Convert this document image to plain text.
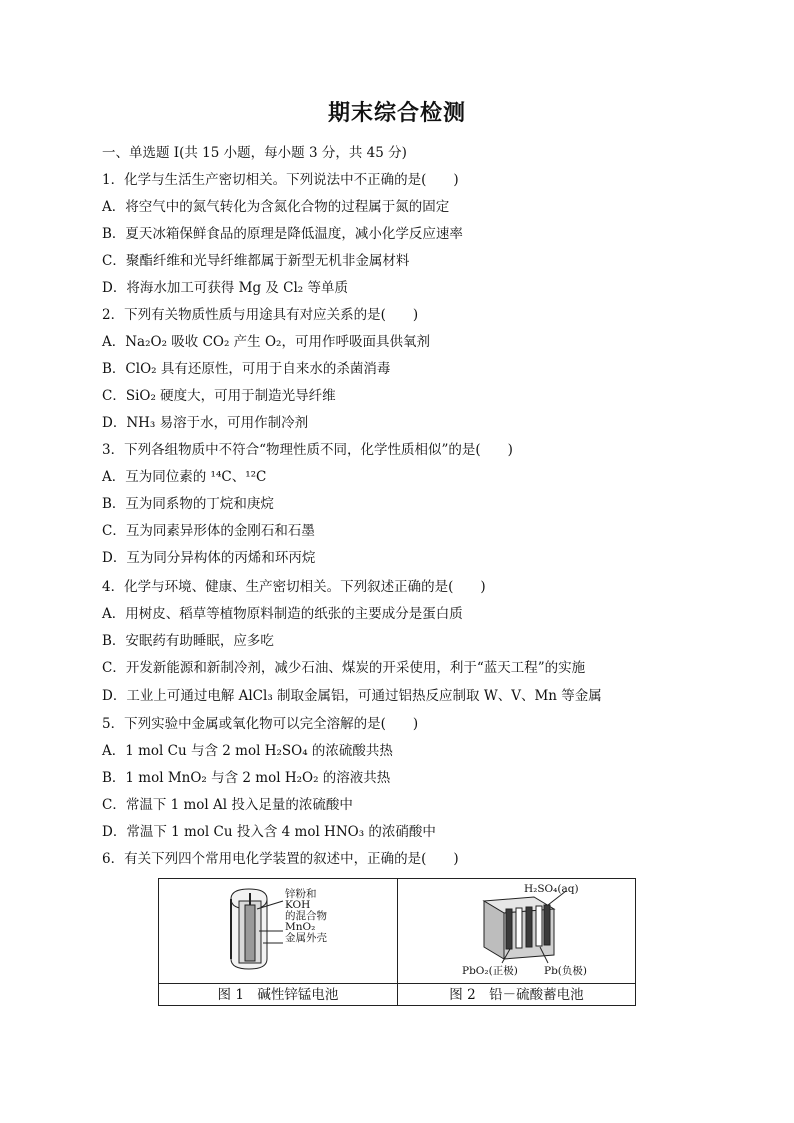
期末综合检测
一、单选题 I(共 15 小题，每小题 3 分，共 45 分)
1．化学与生活生产密切相关。下列说法中不正确的是(　　)
A．将空气中的氮气转化为含氮化合物的过程属于氮的固定
B．夏天冰箱保鲜食品的原理是降低温度，减小化学反应速率
C．聚酯纤维和光导纤维都属于新型无机非金属材料
D．将海水加工可获得 Mg 及 Cl₂ 等单质
2．下列有关物质性质与用途具有对应关系的是(　　)
A．Na₂O₂ 吸收 CO₂ 产生 O₂，可用作呼吸面具供氧剂
B．ClO₂ 具有还原性，可用于自来水的杀菌消毒
C．SiO₂ 硬度大，可用于制造光导纤维
D．NH₃ 易溶于水，可用作制冷剂
3．下列各组物质中不符合“物理性质不同，化学性质相似”的是(　　)
A．互为同位素的 ¹⁴C、¹²C
B．互为同系物的丁烷和庚烷
C．互为同素异形体的金刚石和石墨
D．互为同分异构体的丙烯和环丙烷
4．化学与环境、健康、生产密切相关。下列叙述正确的是(　　)
A．用树皮、稻草等植物原料制造的纸张的主要成分是蛋白质
B．安眠药有助睡眠，应多吃
C．开发新能源和新制冷剂，减少石油、煤炭的开采使用，利于“蓝天工程”的实施
D．工业上可通过电解 AlCl₃ 制取金属铝，可通过铝热反应制取 W、V、Mn 等金属
5．下列实验中金属或氧化物可以完全溶解的是(　　)
A．1 mol Cu 与含 2 mol H₂SO₄ 的浓硫酸共热
B．1 mol MnO₂ 与含 2 mol H₂O₂ 的溶液共热
C．常温下 1 mol Al 投入足量的浓硫酸中
D．常温下 1 mol Cu 投入含 4 mol HNO₃ 的浓硝酸中
6．有关下列四个常用电化学装置的叙述中，正确的是(　　)
锌粉和
KOH
的混合物
MnO₂
金属外壳
H₂SO₄(aq)
PbO₂(正极) Pb(负极)
图 1　碱性锌锰电池	图 2　铅－硫酸蓄电池
